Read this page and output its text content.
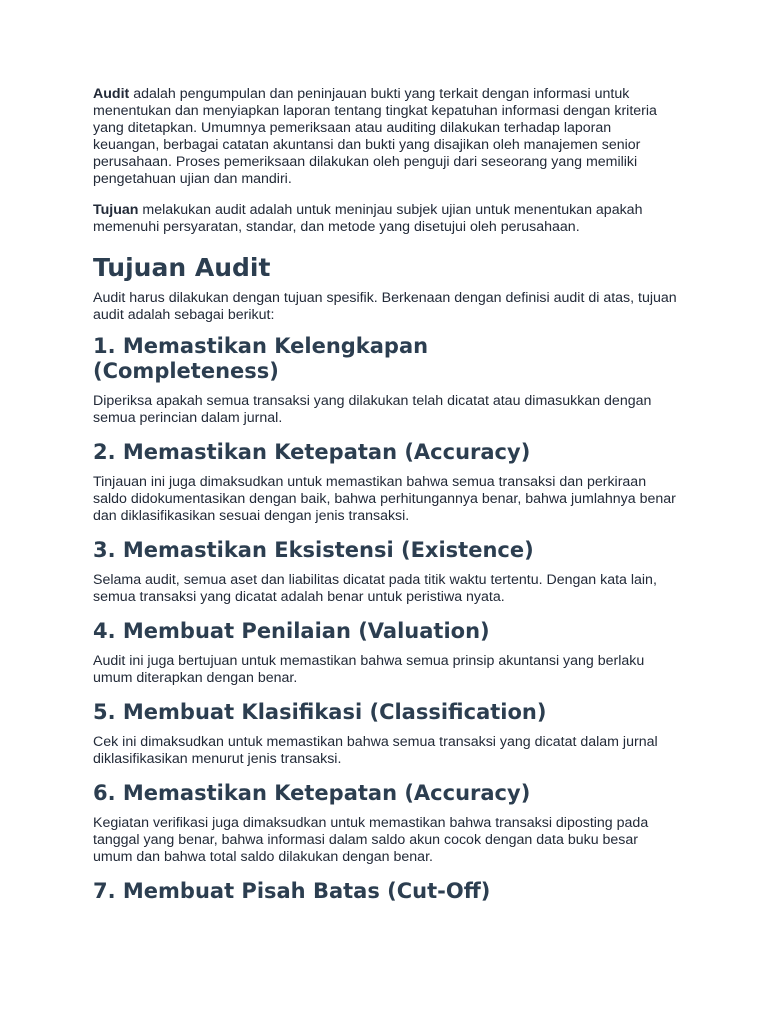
Audit adalah pengumpulan dan peninjauan bukti yang terkait dengan informasi untuk menentukan dan menyiapkan laporan tentang tingkat kepatuhan informasi dengan kriteria yang ditetapkan. Umumnya pemeriksaan atau auditing dilakukan terhadap laporan keuangan, berbagai catatan akuntansi dan bukti yang disajikan oleh manajemen senior perusahaan. Proses pemeriksaan dilakukan oleh penguji dari seseorang yang memiliki pengetahuan ujian dan mandiri.

Tujuan melakukan audit adalah untuk meninjau subjek ujian untuk menentukan apakah memenuhi persyaratan, standar, dan metode yang disetujui oleh perusahaan.

Tujuan Audit

Audit harus dilakukan dengan tujuan spesifik. Berkenaan dengan definisi audit di atas, tujuan audit adalah sebagai berikut:

1. Memastikan Kelengkapan (Completeness)

Diperiksa apakah semua transaksi yang dilakukan telah dicatat atau dimasukkan dengan semua perincian dalam jurnal.

2. Memastikan Ketepatan (Accuracy)

Tinjauan ini juga dimaksudkan untuk memastikan bahwa semua transaksi dan perkiraan saldo didokumentasikan dengan baik, bahwa perhitungannya benar, bahwa jumlahnya benar dan diklasifikasikan sesuai dengan jenis transaksi.

3. Memastikan Eksistensi (Existence)

Selama audit, semua aset dan liabilitas dicatat pada titik waktu tertentu. Dengan kata lain, semua transaksi yang dicatat adalah benar untuk peristiwa nyata.

4. Membuat Penilaian (Valuation)

Audit ini juga bertujuan untuk memastikan bahwa semua prinsip akuntansi yang berlaku umum diterapkan dengan benar.

5. Membuat Klasifikasi (Classification)

Cek ini dimaksudkan untuk memastikan bahwa semua transaksi yang dicatat dalam jurnal diklasifikasikan menurut jenis transaksi.

6. Memastikan Ketepatan (Accuracy)

Kegiatan verifikasi juga dimaksudkan untuk memastikan bahwa transaksi diposting pada tanggal yang benar, bahwa informasi dalam saldo akun cocok dengan data buku besar umum dan bahwa total saldo dilakukan dengan benar.

7. Membuat Pisah Batas (Cut-Off)
